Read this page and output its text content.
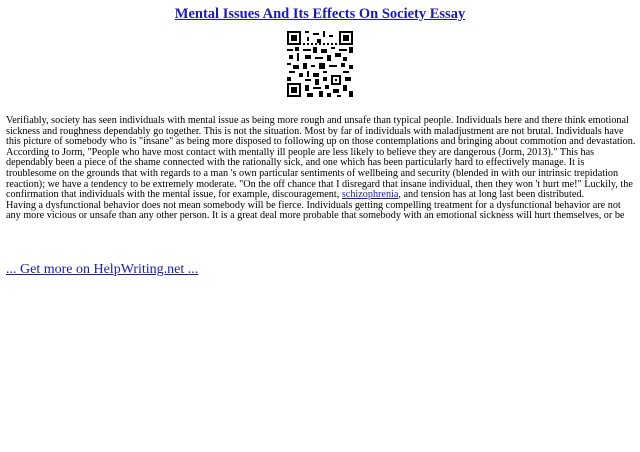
Mental Issues And Its Effects On Society Essay
Verifiably, society has seen individuals with mental issue as being more rough and unsafe than typical people. Individuals here and there think emotional sickness and roughness dependably go together. This is not the situation. Most by far of individuals with maladjustment are not brutal. Individuals have this picture of somebody who is "insane" as being more disposed to following up on those contemplations and bringing about commotion and devastation. According to Jorm, "People who have most contact with mentally ill people are less likely to believe they are dangerous (Jorm, 2013)." This has dependably been a piece of the shame connected with the rationally sick, and one which has been particularly hard to effectively manage. It is troublesome on the grounds that with regards to a man 's own particular sentiments of wellbeing and security (blended in with our intrinsic trepidation reaction); we have a tendency to be extremely moderate. "On the off chance that I disregard that insane individual, then they won 't hurt me!" Luckily, the confirmation that individuals with the mental issue, for example, discouragement, schizophrenia, and tension has at long last been distributed.
Having a dysfunctional behavior does not mean somebody will be fierce. Individuals getting compelling treatment for a dysfunctional behavior are not any more vicious or unsafe than any other person. It is a great deal more probable that somebody with an emotional sickness will hurt themselves, or be
... Get more on HelpWriting.net ...
